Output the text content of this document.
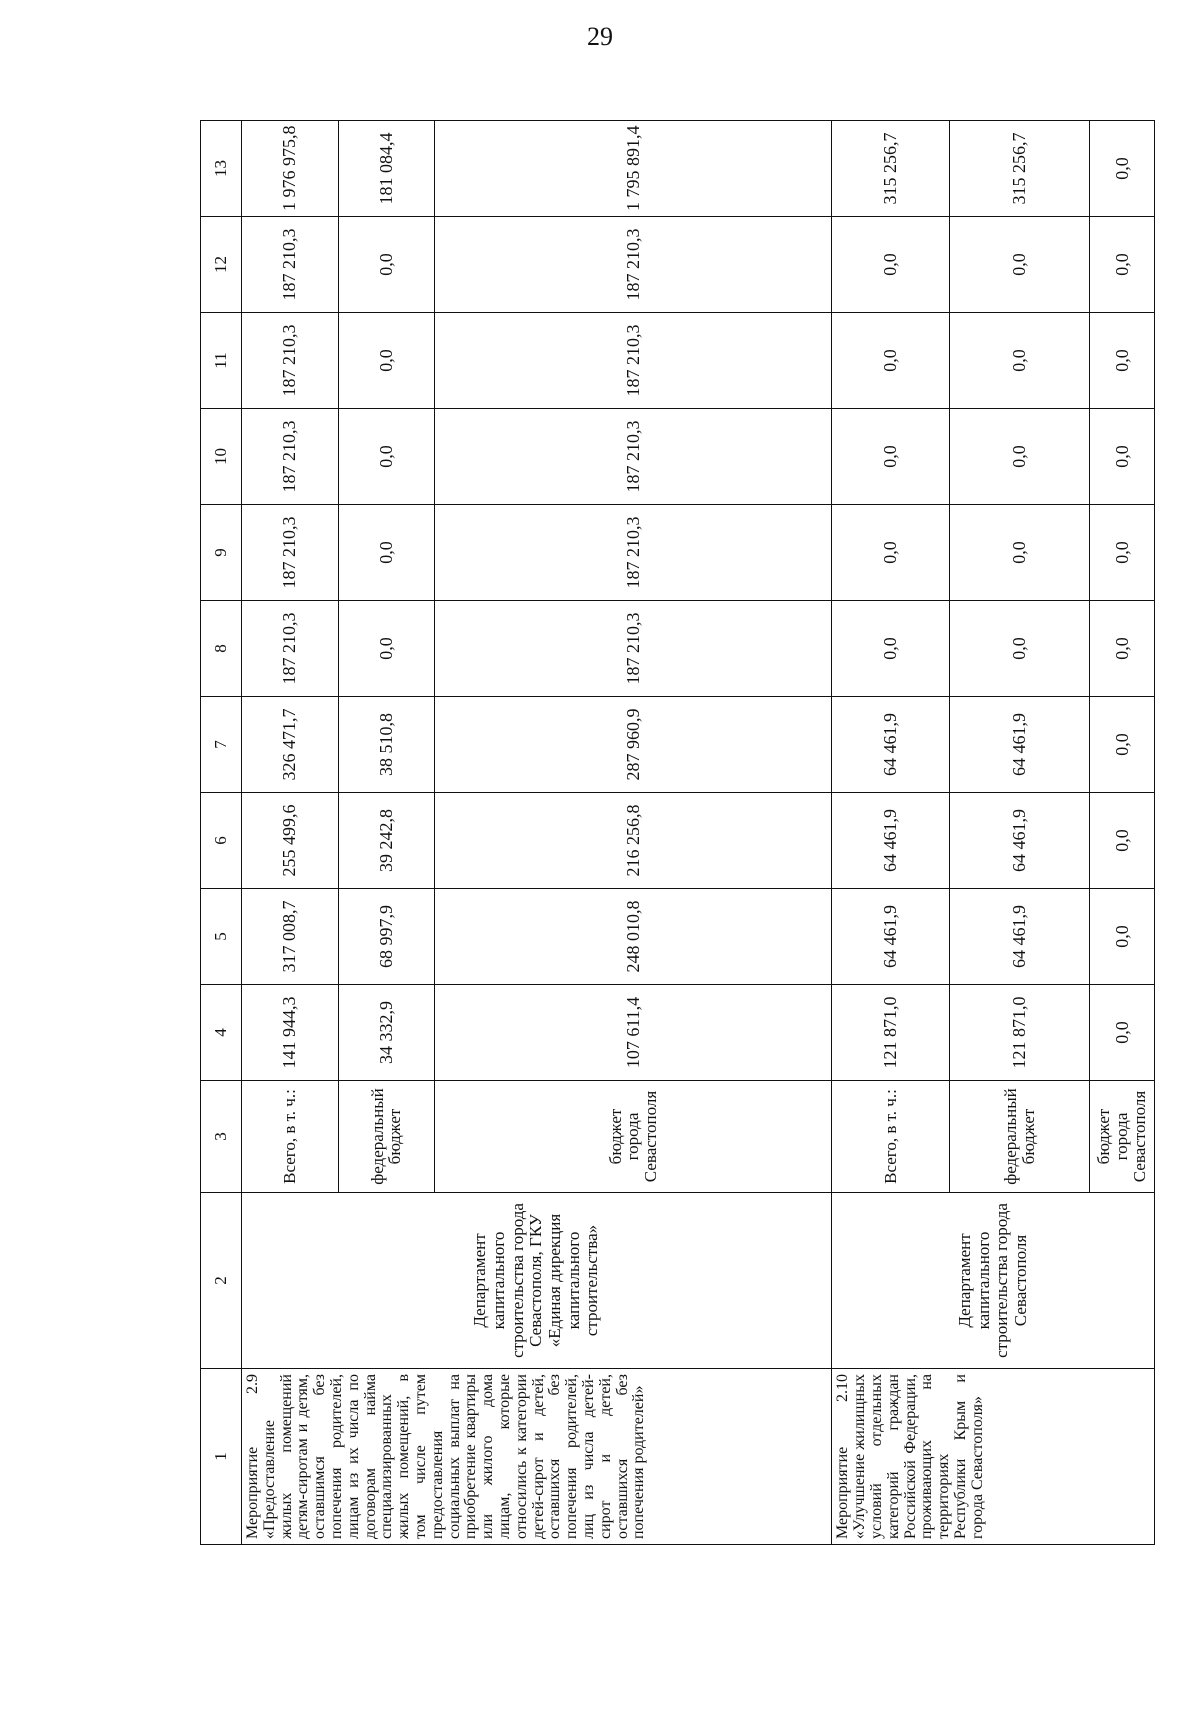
29
1	2	3	4	5	6	7	8	9	10	11	12	13
Мероприятие 2.9 «Предоставление жилых помещений детям-сиротам и детям, оставшимся без попечения родителей, лицам из их числа по договорам найма специализированных жилых помещений, в том числе путем предоставления социальных выплат на приобретение квартиры или жилого дома лицам, которые относились к категории детей-сирот и детей, оставшихся без попечения родителей, лиц из числа детей-сирот и детей, оставшихся без попечения родителей»	Департамент капитального строительства города Севастополя, ГКУ «Единая дирекция капитального строительства»	Всего, в т. ч.:	141 944,3	317 008,7	255 499,6	326 471,7	187 210,3	187 210,3	187 210,3	187 210,3	187 210,3	1 976 975,8
		федеральный бюджет	34 332,9	68 997,9	39 242,8	38 510,8	0,0	0,0	0,0	0,0	0,0	181 084,4
		бюджет города Севастополя	107 611,4	248 010,8	216 256,8	287 960,9	187 210,3	187 210,3	187 210,3	187 210,3	187 210,3	1 795 891,4
Мероприятие 2.10 «Улучшение жилищных условий отдельных категорий граждан Российской Федерации, проживающих на территориях Республики Крым и города Севастополя»	Департамент капитального строительства города Севастополя	Всего, в т. ч.:	121 871,0	64 461,9	64 461,9	64 461,9	0,0	0,0	0,0	0,0	0,0	315 256,7
		федеральный бюджет	121 871,0	64 461,9	64 461,9	64 461,9	0,0	0,0	0,0	0,0	0,0	315 256,7
		бюджет города Севастополя	0,0	0,0	0,0	0,0	0,0	0,0	0,0	0,0	0,0	0,0
